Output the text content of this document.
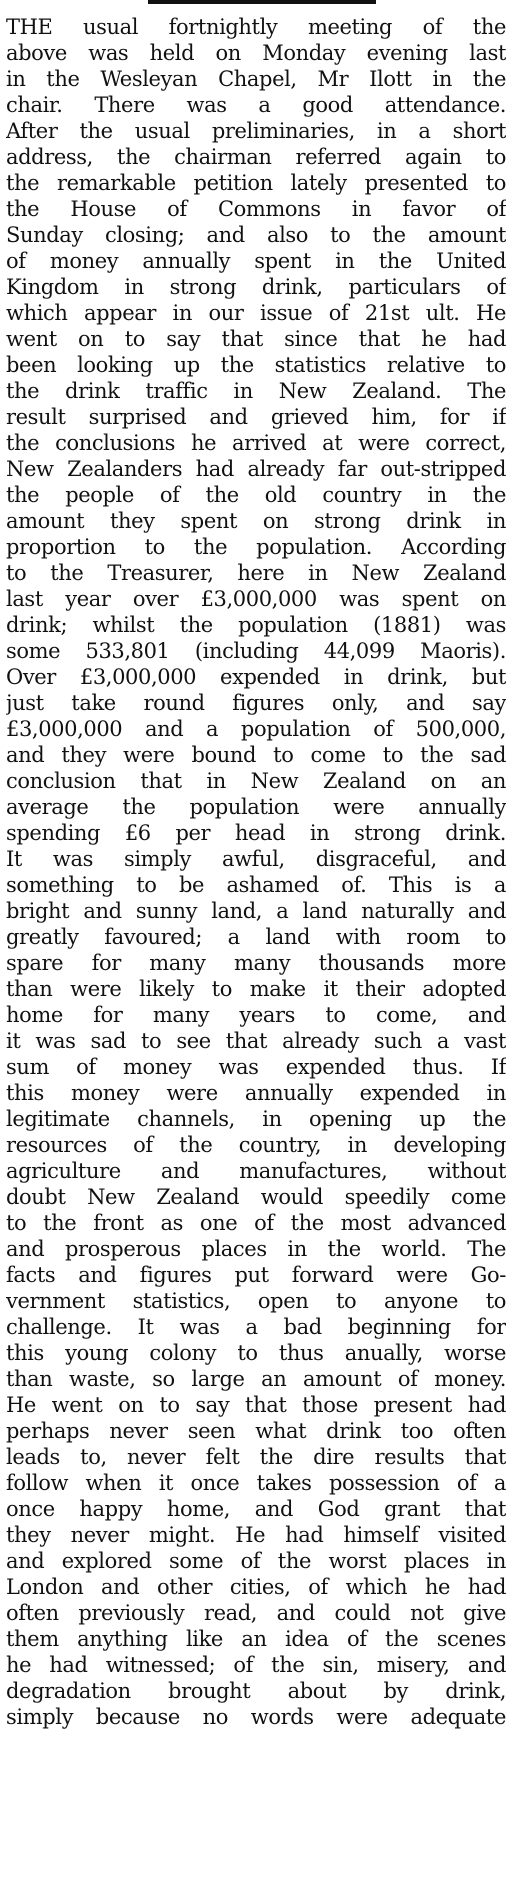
THE usual fortnightly meeting of the
above was held on Monday evening last
in the Wesleyan Chapel, Mr Ilott in the
chair. There was a good attendance.
After the usual preliminaries, in a short
address, the chairman referred again to
the remarkable petition lately presented to
the House of Commons in favor of
Sunday closing; and also to the amount
of money annually spent in the United
Kingdom in strong drink, particulars of
which appear in our issue of 21st ult. He
went on to say that since that he had
been looking up the statistics relative to
the drink traffic in New Zealand. The
result surprised and grieved him, for if
the conclusions he arrived at were correct,
New Zealanders had already far out-stripped
the people of the old country in the
amount they spent on strong drink in
proportion to the population. According
to the Treasurer, here in New Zealand
last year over £3,000,000 was spent on
drink; whilst the population (1881) was
some 533,801 (including 44,099 Maoris).
Over £3,000,000 expended in drink, but
just take round figures only, and say
£3,000,000 and a population of 500,000,
and they were bound to come to the sad
conclusion that in New Zealand on an
average the population were annually
spending £6 per head in strong drink.
It was simply awful, disgraceful, and
something to be ashamed of. This is a
bright and sunny land, a land naturally and
greatly favoured; a land with room to
spare for many many thousands more
than were likely to make it their adopted
home for many years to come, and
it was sad to see that already such a vast
sum of money was expended thus. If
this money were annually expended in
legitimate channels, in opening up the
resources of the country, in developing
agriculture and manufactures, without
doubt New Zealand would speedily come
to the front as one of the most advanced
and prosperous places in the world. The
facts and figures put forward were Go-
vernment statistics, open to anyone to
challenge. It was a bad beginning for
this young colony to thus anually, worse
than waste, so large an amount of money.
He went on to say that those present had
perhaps never seen what drink too often
leads to, never felt the dire results that
follow when it once takes possession of a
once happy home, and God grant that
they never might. He had himself visited
and explored some of the worst places in
London and other cities, of which he had
often previously read, and could not give
them anything like an idea of the scenes
he had witnessed; of the sin, misery, and
degradation brought about by drink,
simply because no words were adequate
